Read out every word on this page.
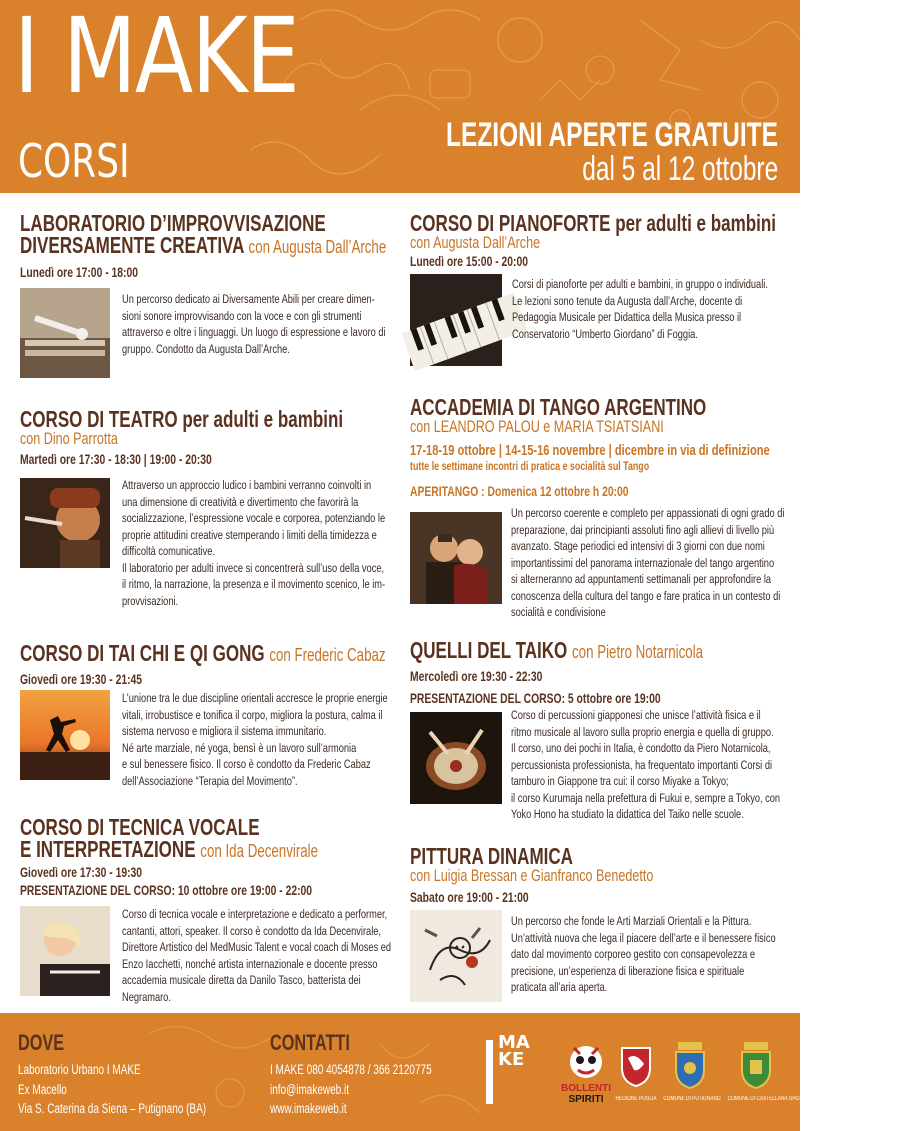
I MAKE
CORSI	LEZIONI APERTE GRATUITE
dal 5 al 12 ottobre
LABORATORIO D’IMPROVVISAZIONE
DIVERSAMENTE CREATIVA con Augusta Dall’Arche
Lunedì ore 17:00 - 18:00
Un percorso dedicato ai Diversamente Abili per creare dimen-
sioni sonore improvvisando con la voce e con gli strumenti
attraverso e oltre i linguaggi. Un luogo di espressione e lavoro di
gruppo. Condotto da Augusta Dall’Arche.
CORSO DI PIANOFORTE per adulti e bambini
con Augusta Dall’Arche
Lunedì ore 15:00 - 20:00
Corsi di pianoforte per adulti e bambini, in gruppo o individuali.
Le lezioni sono tenute da Augusta dall’Arche, docente di
Pedagogia Musicale per Didattica della Musica presso il
Conservatorio “Umberto Giordano” di Foggia.
CORSO DI TEATRO per adulti e bambini
con Dino Parrotta
Martedì ore 17:30 - 18:30 | 19:00 - 20:30
Attraverso un approccio ludico i bambini verranno coinvolti in
una dimensione di creatività e divertimento che favorirà la
socializzazione, l’espressione vocale e corporea, potenziando le
proprie attitudini creative stemperando i limiti della timidezza e
difficoltà comunicative.
Il laboratorio per adulti invece si concentrerà sull’uso della voce,
il ritmo, la narrazione, la presenza e il movimento scenico, le im-
provvisazioni.
ACCADEMIA DI TANGO ARGENTINO
con LEANDRO PALOU e MARIA TSIATSIANI
17-18-19 ottobre | 14-15-16 novembre | dicembre in via di definizione
tutte le settimane incontri di pratica e socialità sul Tango
APERITANGO : Domenica 12 ottobre h 20:00
Un percorso coerente e completo per appassionati di ogni grado di
preparazione, dai principianti assoluti fino agli allievi di livello più
avanzato. Stage periodici ed intensivi di 3 giorni con due nomi
importantissimi del panorama internazionale del tango argentino
si alterneranno ad appuntamenti settimanali per approfondire la
conoscenza della cultura del tango e fare pratica in un contesto di
socialità e condivisione
CORSO DI TAI CHI E QI GONG con Frederic Cabaz
Giovedì ore 19:30 - 21:45
L’unione tra le due discipline orientali accresce le proprie energie
vitali, irrobustisce e tonifica il corpo, migliora la postura, calma il
sistema nervoso e migliora il sistema immunitario.
Né arte marziale, né yoga, bensì è un lavoro sull’armonia
e sul benessere fisico. Il corso è condotto da Frederic Cabaz
dell’Associazione “Terapia del Movimento”.
QUELLI DEL TAIKO con Pietro Notarnicola
Mercoledì ore 19:30 - 22:30
PRESENTAZIONE DEL CORSO: 5 ottobre ore 19:00
Corso di percussioni giapponesi che unisce l’attività fisica e il
ritmo musicale al lavoro sulla proprio energia e quella di gruppo.
Il corso, uno dei pochi in Italia, è condotto da Piero Notarnicola,
percussionista professionista, ha frequentato importanti Corsi di
tamburo in Giappone tra cui: il corso Miyake a Tokyo;
il corso Kurumaja nella prefettura di Fukui e, sempre a Tokyo, con
Yoko Hono ha studiato la didattica del Taiko nelle scuole.
CORSO DI TECNICA VOCALE
E INTERPRETAZIONE con Ida Decenvirale
Giovedì ore 17:30 - 19:30
PRESENTAZIONE DEL CORSO: 10 ottobre ore 19:00 - 22:00
Corso di tecnica vocale e interpretazione e dedicato a performer,
cantanti, attori, speaker. Il corso è condotto da Ida Decenvirale,
Direttore Artistico del MedMusic Talent e vocal coach di Moses ed
Enzo Iacchetti, nonché artista internazionale e docente presso
accademia musicale diretta da Danilo Tasco, batterista dei
Negramaro.
PITTURA DINAMICA
con Luigia Bressan e Gianfranco Benedetto
Sabato ore 19:00 - 21:00
Un percorso che fonde le Arti Marziali Orientali e la Pittura.
Un’attività nuova che lega il piacere dell’arte e il benessere fisico
dato dal movimento corporeo gestito con consapevolezza e
precisione, un’esperienza di liberazione fisica e spirituale
praticata all’aria aperta.
DOVE
Laboratorio Urbano I MAKE
Ex Macello
Via S. Caterina da Siena – Putignano (BA)
CONTATTI
I MAKE 080 4054878 / 366 2120775
info@imakeweb.it
www.imakeweb.it
MAKE
BOLLENTI
SPIRITI	REGIONE PUGLIA	COMUNE DI PUTIGNANO COMUNE DI CASTELLANA GROTTE
